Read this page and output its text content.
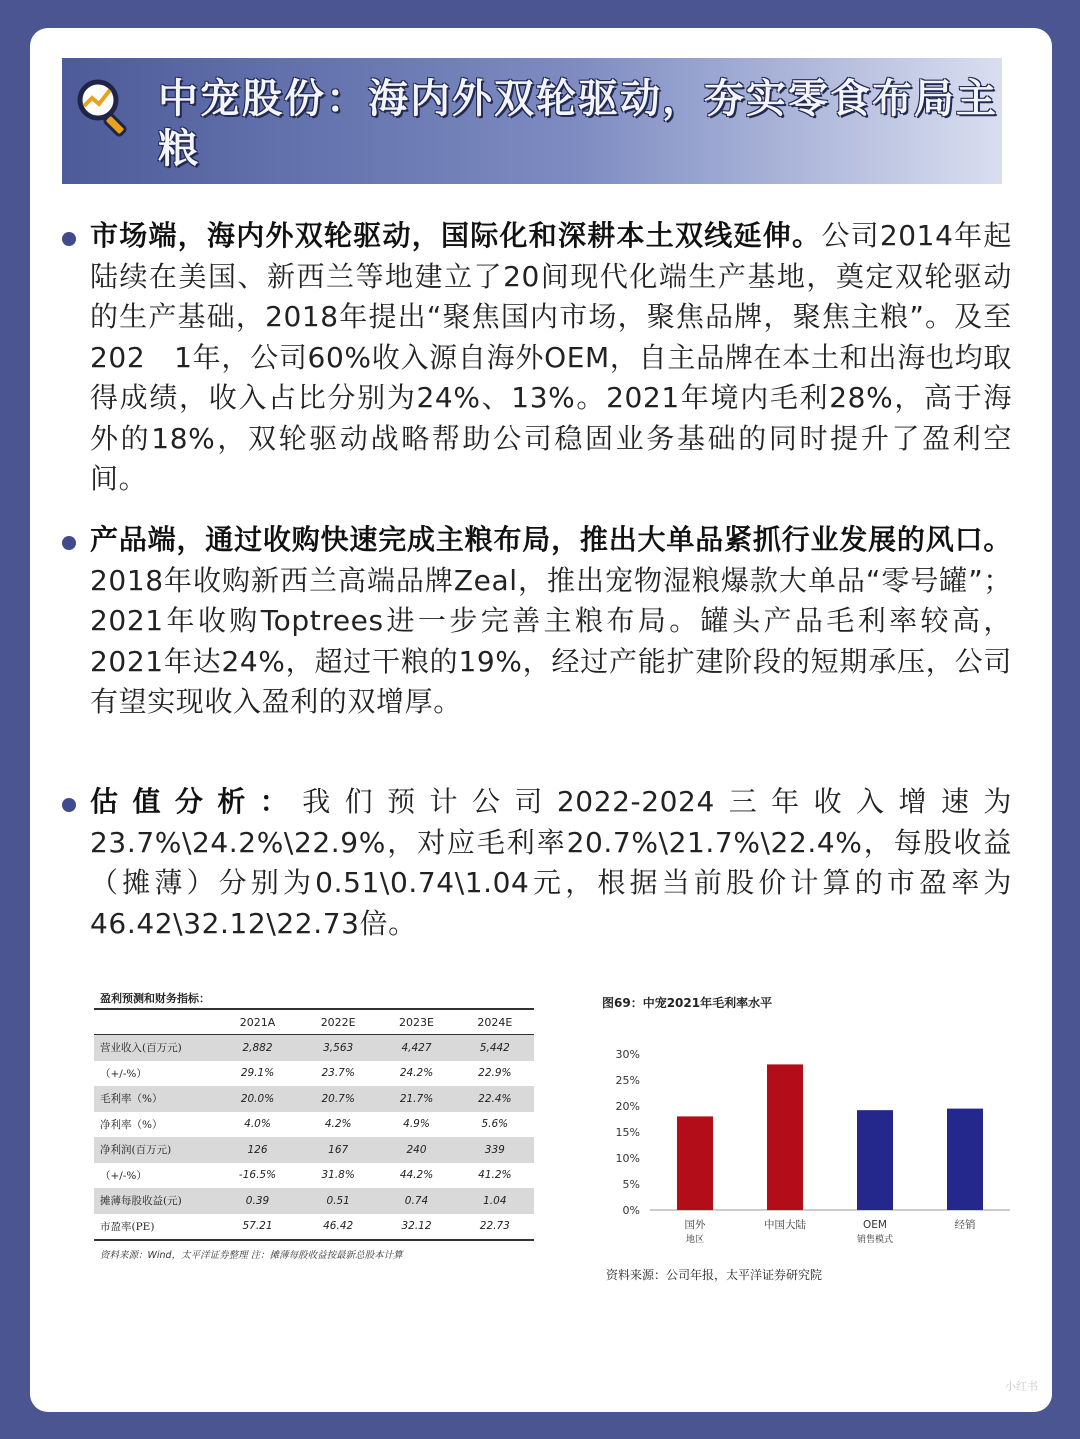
中宠股份：海内外双轮驱动，夯实零食布局主粮
市场端，海内外双轮驱动，国际化和深耕本土双线延伸。公司2014年起陆续在美国、新西兰等地建立了20间现代化端生产基地，奠定双轮驱动的生产基础，2018年提出“聚焦国内市场，聚焦品牌，聚焦主粮”。及至202　1年，公司60%收入源自海外OEM，自主品牌在本土和出海也均取得成绩，收入占比分别为24%、13%。2021年境内毛利28%，高于海外的18%，双轮驱动战略帮助公司稳固业务基础的同时提升了盈利空间。
产品端，通过收购快速完成主粮布局，推出大单品紧抓行业发展的风口。2018年收购新西兰高端品牌Zeal，推出宠物湿粮爆款大单品“零号罐”；2021年收购Toptrees进一步完善主粮布局。罐头产品毛利率较高，2021年达24%，超过干粮的19%，经过产能扩建阶段的短期承压，公司有望实现收入盈利的双增厚。
估值分析：我们预计公司2022-2024三年收入增速为23.7%\24.2%\22.9%，对应毛利率20.7%\21.7%\22.4%，每股收益（摊薄）分别为0.51\0.74\1.04元，根据当前股价计算的市盈率为46.42\32.12\22.73倍。
盈利预测和财务指标：
	2021A	2022E	2023E	2024E
营业收入(百万元)	2,882	3,563	4,427	5,442
（+/-%）	29.1%	23.7%	24.2%	22.9%
毛利率（%）	20.0%	20.7%	21.7%	22.4%
净利率（%）	4.0%	4.2%	4.9%	5.6%
净利润(百万元)	126	167	240	339
（+/-%）	-16.5%	31.8%	44.2%	41.2%
摊薄每股收益(元)	0.39	0.51	0.74	1.04
市盈率(PE)	57.21	46.42	32.12	22.73
资料来源：Wind，太平洋证券整理 注：摊薄每股收益按最新总股本计算
图69：中宠2021年毛利率水平
0%
5%
10%
15%
20%
25%
30%
国外
地区
中国大陆	OEM
销售模式
经销
资料来源：公司年报，太平洋证券研究院
小红书
